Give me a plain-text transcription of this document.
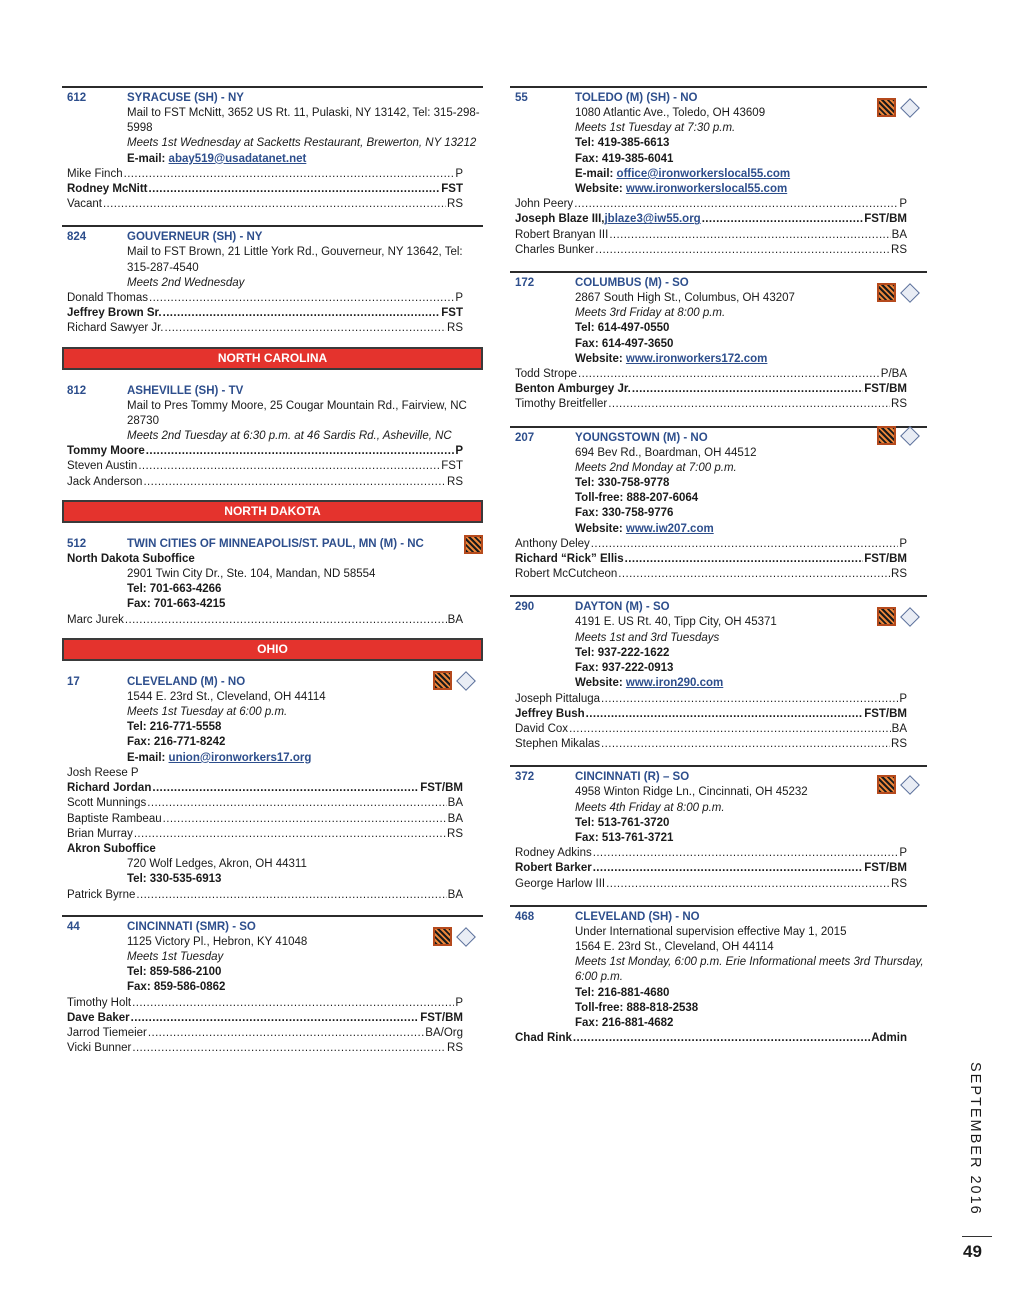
612	SYRACUSE (SH) - NY
Mail to FST McNitt, 3652 US Rt. 11, Pulaski, NY 13142, Tel: 315-298-5998
Meets 1st Wednesday at Sacketts Restaurant, Brewerton, NY 13212
E-mail: abay519@usadatanet.net
Mike Finch .....	P
Rodney McNitt .....	FST
Vacant .....	RS
824	GOUVERNEUR (SH) - NY
Mail to FST Brown, 21 Little York Rd., Gouverneur, NY 13642, Tel: 315-287-4540
Meets 2nd Wednesday
Donald Thomas .....	P
Jeffrey Brown Sr. .....	FST
Richard Sawyer Jr. .....	RS
NORTH CAROLINA
812	ASHEVILLE (SH) - TV
Mail to Pres Tommy Moore, 25 Cougar Mountain Rd., Fairview, NC 28730
Meets 2nd Tuesday at 6:30 p.m. at 46 Sardis Rd., Asheville, NC
Tommy Moore .....	P
Steven Austin .....	FST
Jack Anderson .....	RS
NORTH DAKOTA
512	TWIN CITIES OF MINNEAPOLIS/ST. PAUL, MN (M) - NC
North Dakota Suboffice
2901 Twin City Dr., Ste. 104, Mandan, ND 58554
Tel: 701-663-4266
Fax: 701-663-4215
Marc Jurek .....	BA
OHIO
17	CLEVELAND (M) - NO
1544 E. 23rd St., Cleveland, OH 44114
Meets 1st Tuesday at 6:00 p.m.
Tel: 216-771-5558
Fax: 216-771-8242
E-mail: union@ironworkers17.org
Josh Reese P
Richard Jordan .....	FST/BM
Scott Munnings .....	BA
Baptiste Rambeau .....	BA
Brian Murray .....	RS
Akron Suboffice
720 Wolf Ledges, Akron, OH 44311
Tel: 330-535-6913
Patrick Byrne .....	BA
44	CINCINNATI (SMR) - SO
1125 Victory Pl., Hebron, KY 41048
Meets 1st Tuesday
Tel: 859-586-2100
Fax: 859-586-0862
Timothy Holt .....	P
Dave Baker .....	FST/BM
Jarrod Tiemeier .....	BA/Org
Vicki Bunner .....	RS
55	TOLEDO (M) (SH) - NO
1080 Atlantic Ave., Toledo, OH 43609
Meets 1st Tuesday at 7:30 p.m.
Tel: 419-385-6613
Fax: 419-385-6041
E-mail: office@ironworkerslocal55.com
Website: www.ironworkerslocal55.com
John Peery .....	P
Joseph Blaze III, jblaze3@iw55.org .....	FST/BM
Robert Branyan III .....	BA
Charles Bunker .....	RS
172	COLUMBUS (M) - SO
2867 South High St., Columbus, OH 43207
Meets 3rd Friday at 8:00 p.m.
Tel: 614-497-0550
Fax: 614-497-3650
Website: www.ironworkers172.com
Todd Strope .....	P/BA
Benton Amburgey Jr. .....	FST/BM
Timothy Breitfeller .....	RS
207	YOUNGSTOWN (M) - NO
694 Bev Rd., Boardman, OH 44512
Meets 2nd Monday at 7:00 p.m.
Tel: 330-758-9778
Toll-free: 888-207-6064
Fax: 330-758-9776
Website: www.iw207.com
Anthony Deley .....	P
Richard “Rick” Ellis .....	FST/BM
Robert McCutcheon .....	RS
290	DAYTON (M) - SO
4191 E. US Rt. 40, Tipp City, OH 45371
Meets 1st and 3rd Tuesdays
Tel: 937-222-1622
Fax: 937-222-0913
Website: www.iron290.com
Joseph Pittaluga .....	P
Jeffrey Bush .....	FST/BM
David Cox .....	BA
Stephen Mikalas .....	RS
372	CINCINNATI (R) – SO
4958 Winton Ridge Ln., Cincinnati, OH 45232
Meets 4th Friday at 8:00 p.m.
Tel: 513-761-3720
Fax: 513-761-3721
Rodney Adkins .....	P
Robert Barker .....	FST/BM
George Harlow III .....	RS
468	CLEVELAND (SH) - NO
Under International supervision effective May 1, 2015
1564 E. 23rd St., Cleveland, OH 44114
Meets 1st Monday, 6:00 p.m. Erie Informational meets 3rd Thursday, 6:00 p.m.
Tel: 216-881-4680
Toll-free: 888-818-2538
Fax: 216-881-4682
Chad Rink .....	Admin
SEPTEMBER 2016
49
